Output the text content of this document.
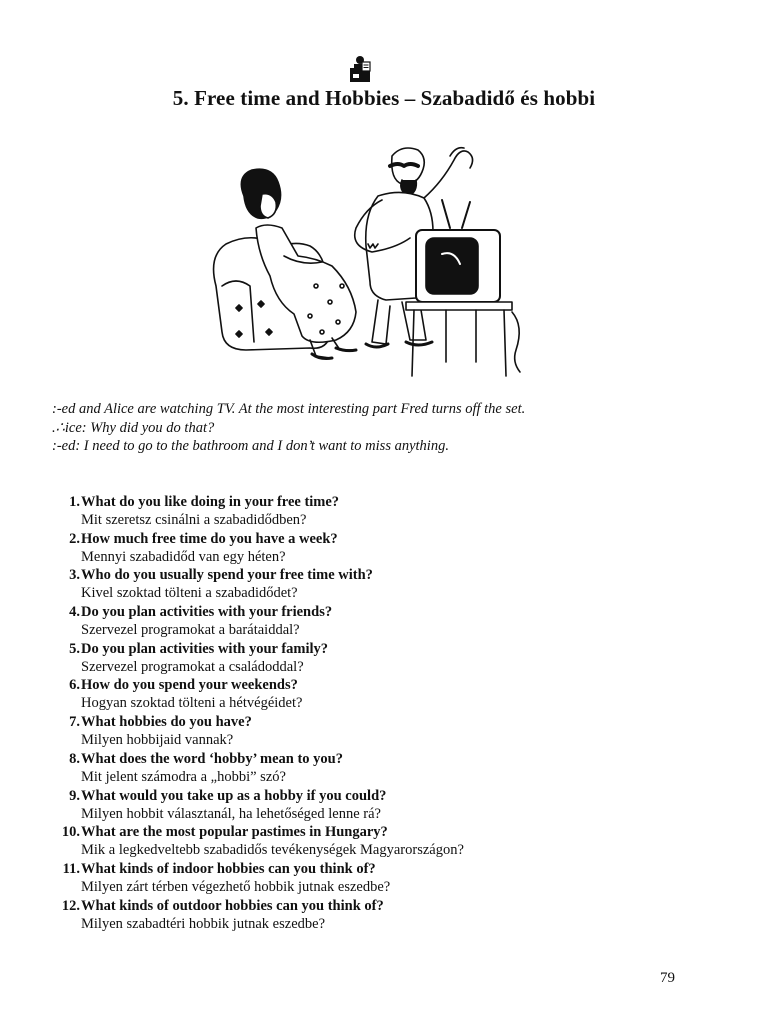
5. Free time and Hobbies – Szabadidő és hobbi
:-ed and Alice are watching TV. At the most interesting part Fred turns off the set.
.∴ice: Why did you do that?
:-ed: I need to go to the bathroom and I don’t want to miss anything.
1. What do you like doing in your free time?
Mit szeretsz csinálni a szabadidődben?
2. How much free time do you have a week?
Mennyi szabadidőd van egy héten?
3. Who do you usually spend your free time with?
Kivel szoktad tölteni a szabadidődet?
4. Do you plan activities with your friends?
Szervezel programokat a barátaiddal?
5. Do you plan activities with your family?
Szervezel programokat a családoddal?
6. How do you spend your weekends?
Hogyan szoktad tölteni a hétvégéidet?
7. What hobbies do you have?
Milyen hobbijaid vannak?
8. What does the word ‘hobby’ mean to you?
Mit jelent számodra a „hobbi” szó?
9. What would you take up as a hobby if you could?
Milyen hobbit választanál, ha lehetőséged lenne rá?
10. What are the most popular pastimes in Hungary?
Mik a legkedveltebb szabadidős tevékenységek Magyarországon?
11. What kinds of indoor hobbies can you think of?
Milyen zárt térben végezhető hobbik jutnak eszedbe?
12. What kinds of outdoor hobbies can you think of?
Milyen szabadtéri hobbik jutnak eszedbe?
79
